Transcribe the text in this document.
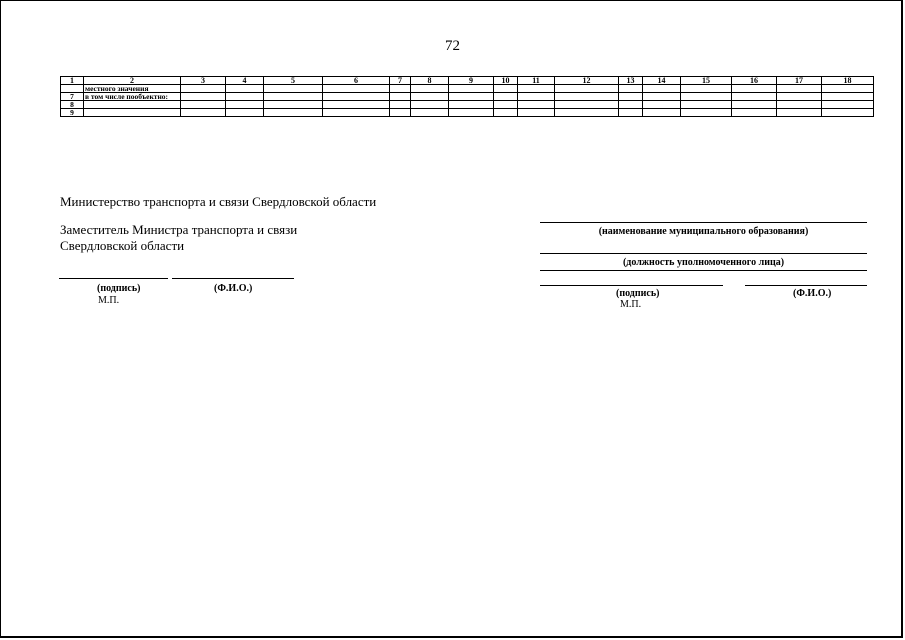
72
1	2	3	4	5	6	7	8	9	10	11	12	13	14	15	16	17	18
	местного значения																
7	в том числе пообъектно:																
8																	
9																	
Министерство транспорта и связи Свердловской области
Заместитель Министра транспорта и связи
Свердловской области
(подпись)	(Ф.И.О.)
М.П.
(наименование муниципального образования)
(должность уполномоченного лица)
(подпись)	(Ф.И.О.)
М.П.
